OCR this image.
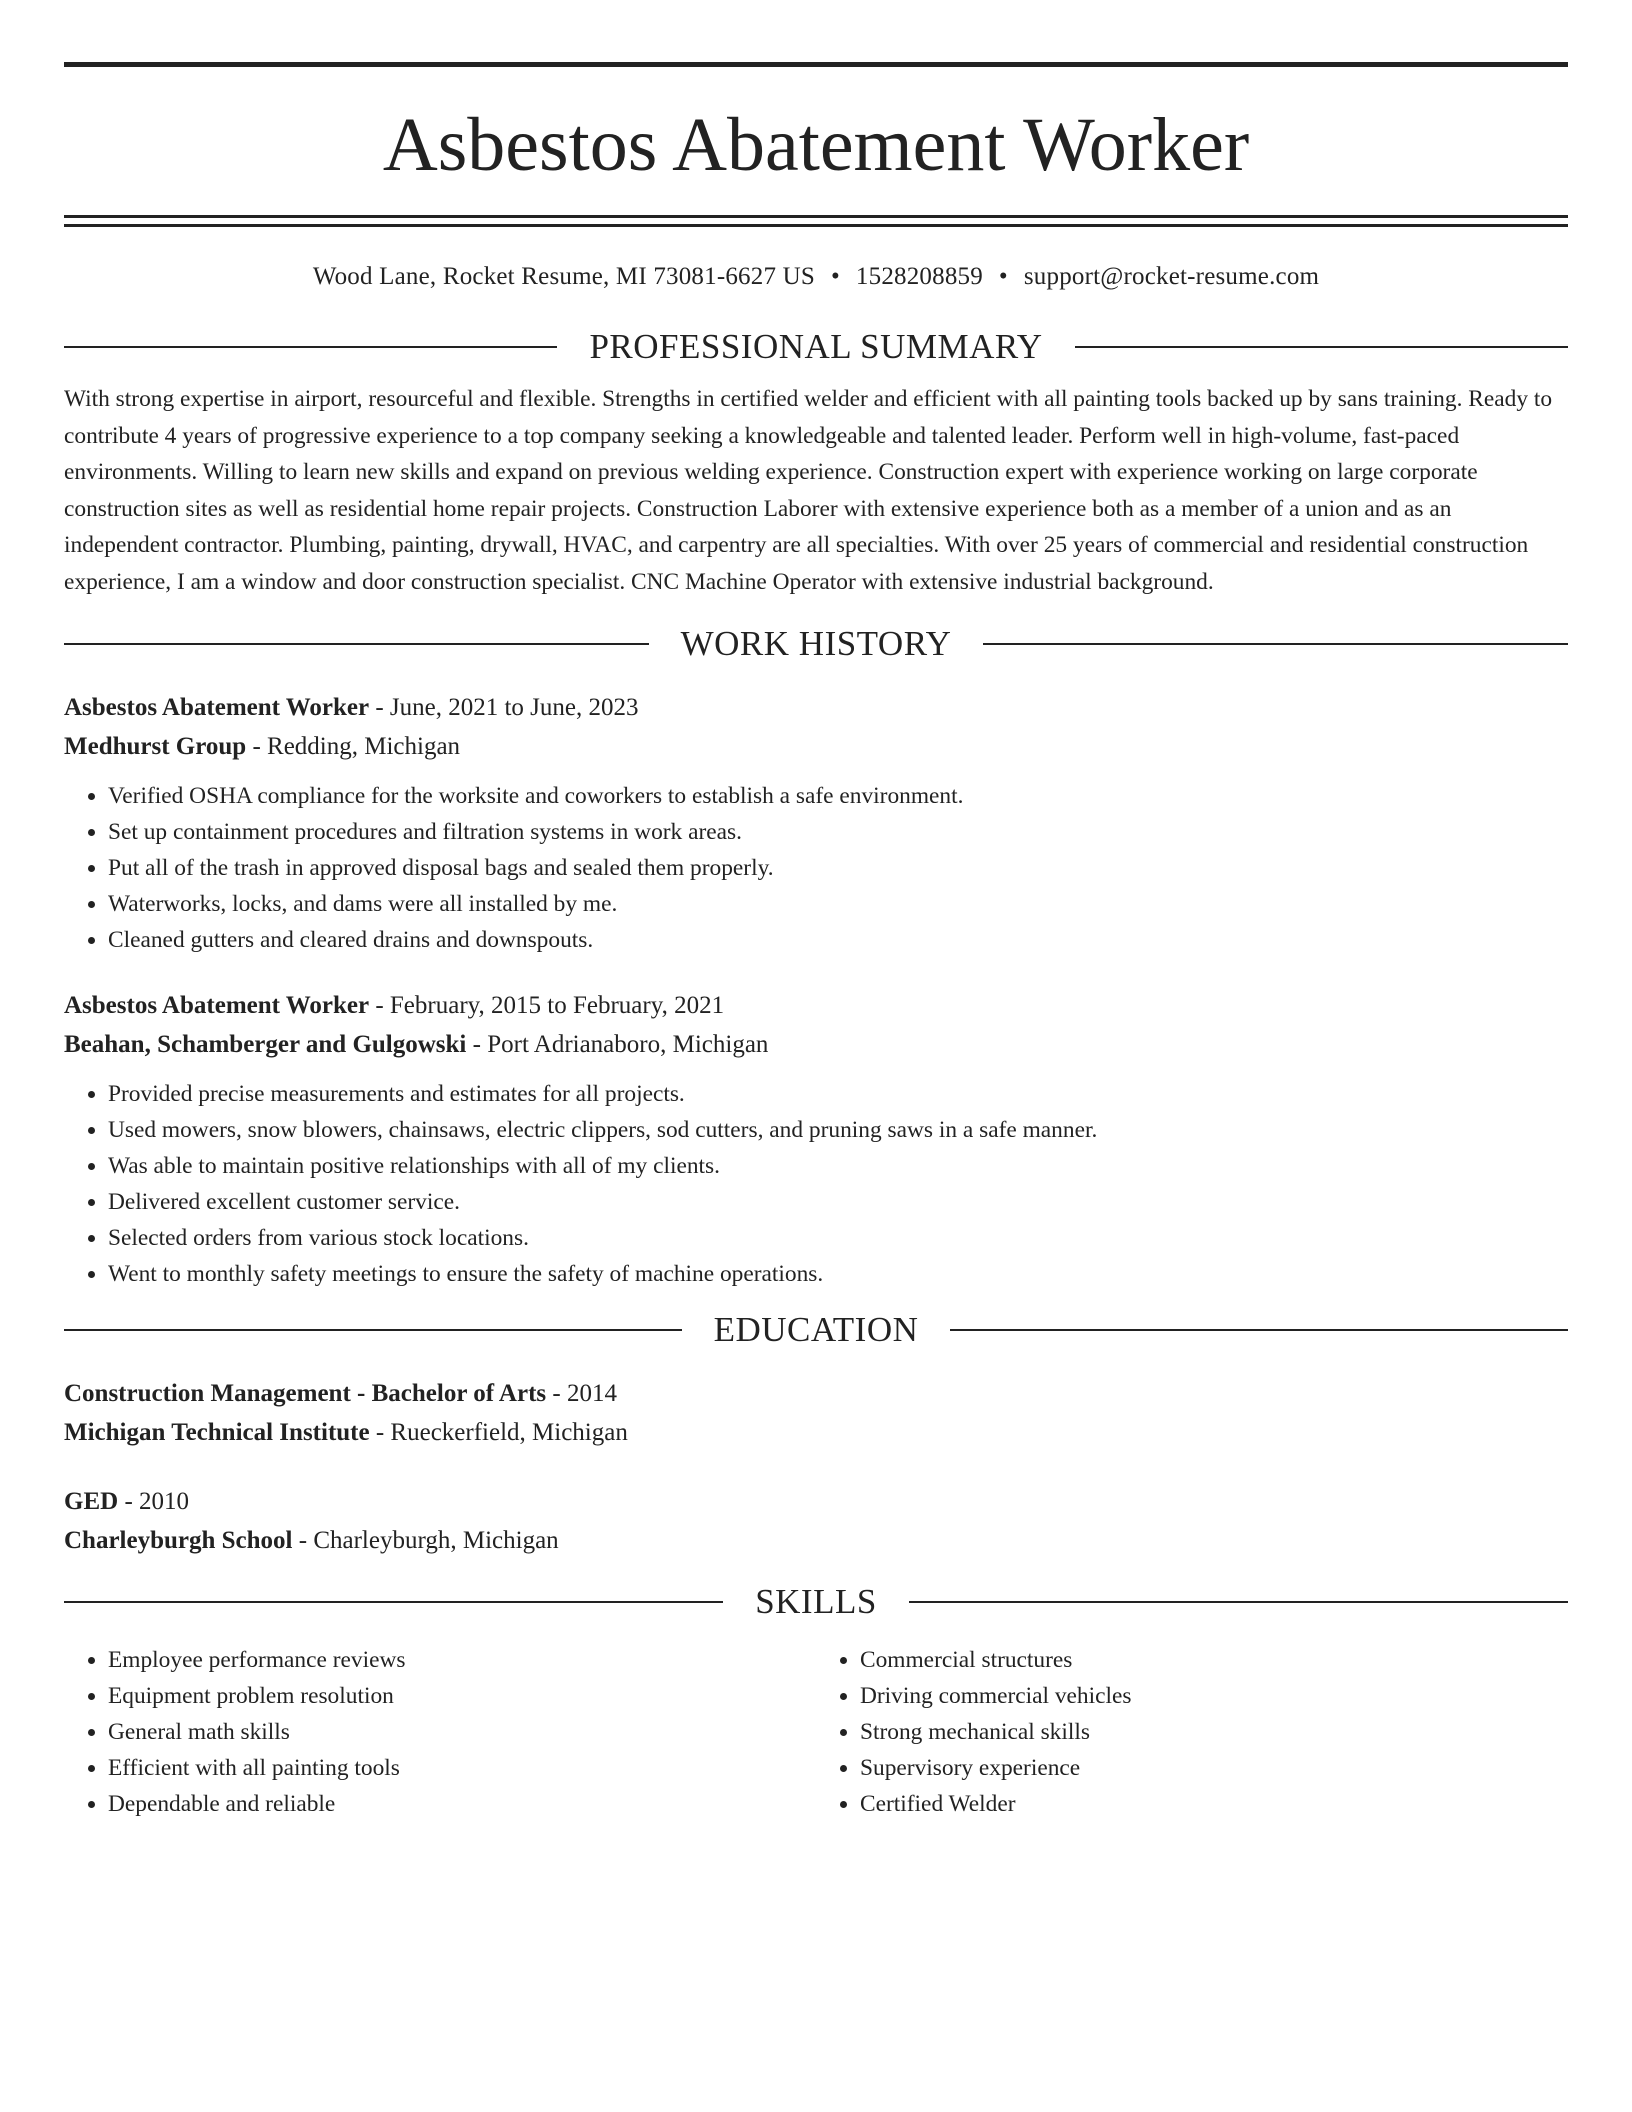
Asbestos Abatement Worker
Wood Lane, Rocket Resume, MI 73081-6627 US • 1528208859 • support@rocket-resume.com
PROFESSIONAL SUMMARY

With strong expertise in airport, resourceful and flexible. Strengths in certified welder and efficient with all painting tools backed up by sans training. Ready to contribute 4 years of progressive experience to a top company seeking a knowledgeable and talented leader. Perform well in high-volume, fast-paced environments. Willing to learn new skills and expand on previous welding experience. Construction expert with experience working on large corporate construction sites as well as residential home repair projects. Construction Laborer with extensive experience both as a member of a union and as an independent contractor. Plumbing, painting, drywall, HVAC, and carpentry are all specialties. With over 25 years of commercial and residential construction experience, I am a window and door construction specialist. CNC Machine Operator with extensive industrial background.

WORK HISTORY
Asbestos Abatement Worker - June, 2021 to June, 2023
Medhurst Group - Redding, Michigan
• Verified OSHA compliance for the worksite and coworkers to establish a safe environment.
• Set up containment procedures and filtration systems in work areas.
• Put all of the trash in approved disposal bags and sealed them properly.
• Waterworks, locks, and dams were all installed by me.
• Cleaned gutters and cleared drains and downspouts.
Asbestos Abatement Worker - February, 2015 to February, 2021
Beahan, Schamberger and Gulgowski - Port Adrianaboro, Michigan
• Provided precise measurements and estimates for all projects.
• Used mowers, snow blowers, chainsaws, electric clippers, sod cutters, and pruning saws in a safe manner.
• Was able to maintain positive relationships with all of my clients.
• Delivered excellent customer service.
• Selected orders from various stock locations.
• Went to monthly safety meetings to ensure the safety of machine operations.
EDUCATION
Construction Management - Bachelor of Arts - 2014
Michigan Technical Institute - Rueckerfield, Michigan
GED - 2010
Charleyburgh School - Charleyburgh, Michigan
SKILLS
• Employee performance reviews
• Equipment problem resolution
• General math skills
• Efficient with all painting tools
• Dependable and reliable
• Commercial structures
• Driving commercial vehicles
• Strong mechanical skills
• Supervisory experience
• Certified Welder
